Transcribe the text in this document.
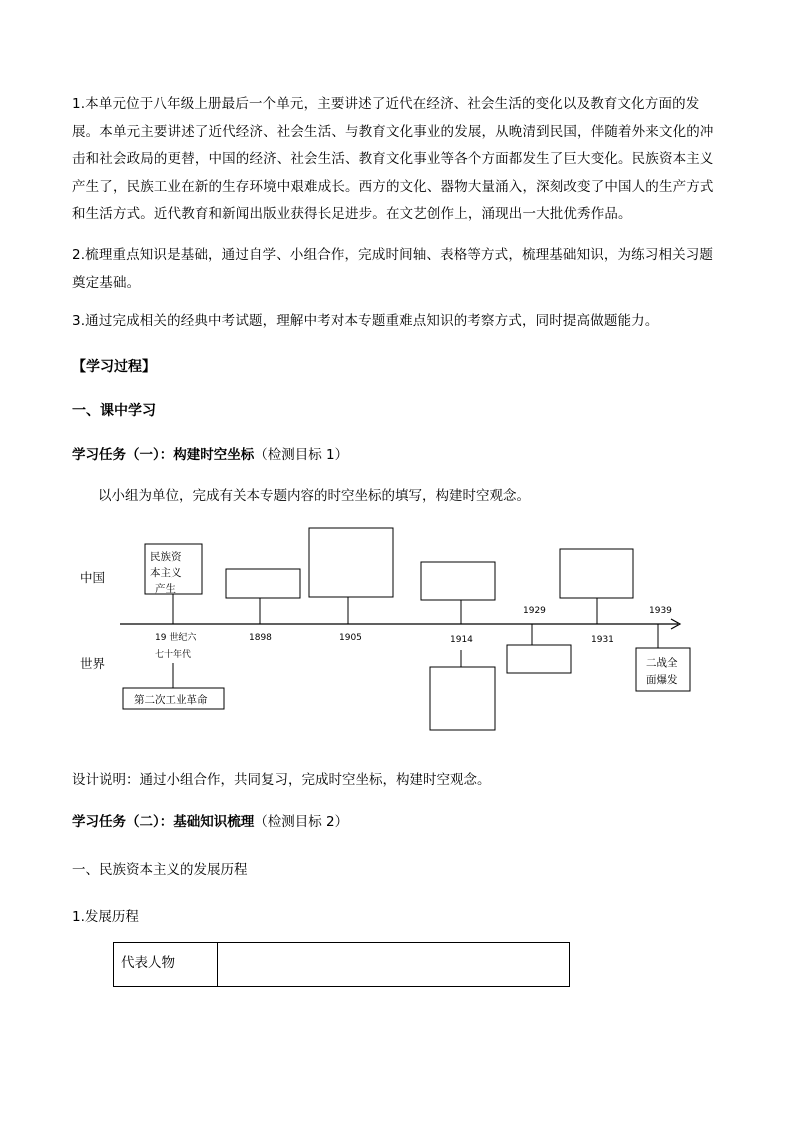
1.本单元位于八年级上册最后一个单元，主要讲述了近代在经济、社会生活的变化以及教育文化方面的发展。本单元主要讲述了近代经济、社会生活、与教育文化事业的发展，从晚清到民国，伴随着外来文化的冲击和社会政局的更替，中国的经济、社会生活、教育文化事业等各个方面都发生了巨大变化。民族资本主义产生了，民族工业在新的生存环境中艰难成长。西方的文化、器物大量涌入，深刻改变了中国人的生产方式和生活方式。近代教育和新闻出版业获得长足进步。在文艺创作上，涌现出一大批优秀作品。
2.梳理重点知识是基础，通过自学、小组合作，完成时间轴、表格等方式，梳理基础知识，为练习相关习题奠定基础。
3.通过完成相关的经典中考试题，理解中考对本专题重难点知识的考察方式，同时提高做题能力。
【学习过程】
一、课中学习
学习任务（一）：构建时空坐标（检测目标 1）
以小组为单位，完成有关本专题内容的时空坐标的填写，构建时空观念。
中国
世界
民族资
本主义
产生
19 世纪六
七十年代
第二次工业革命
1898	1905	1914
1929
1931
1939
二战全
面爆发
设计说明：通过小组合作，共同复习，完成时空坐标，构建时空观念。
学习任务（二）：基础知识梳理（检测目标 2）
一、民族资本主义的发展历程
1.发展历程
代表人物
